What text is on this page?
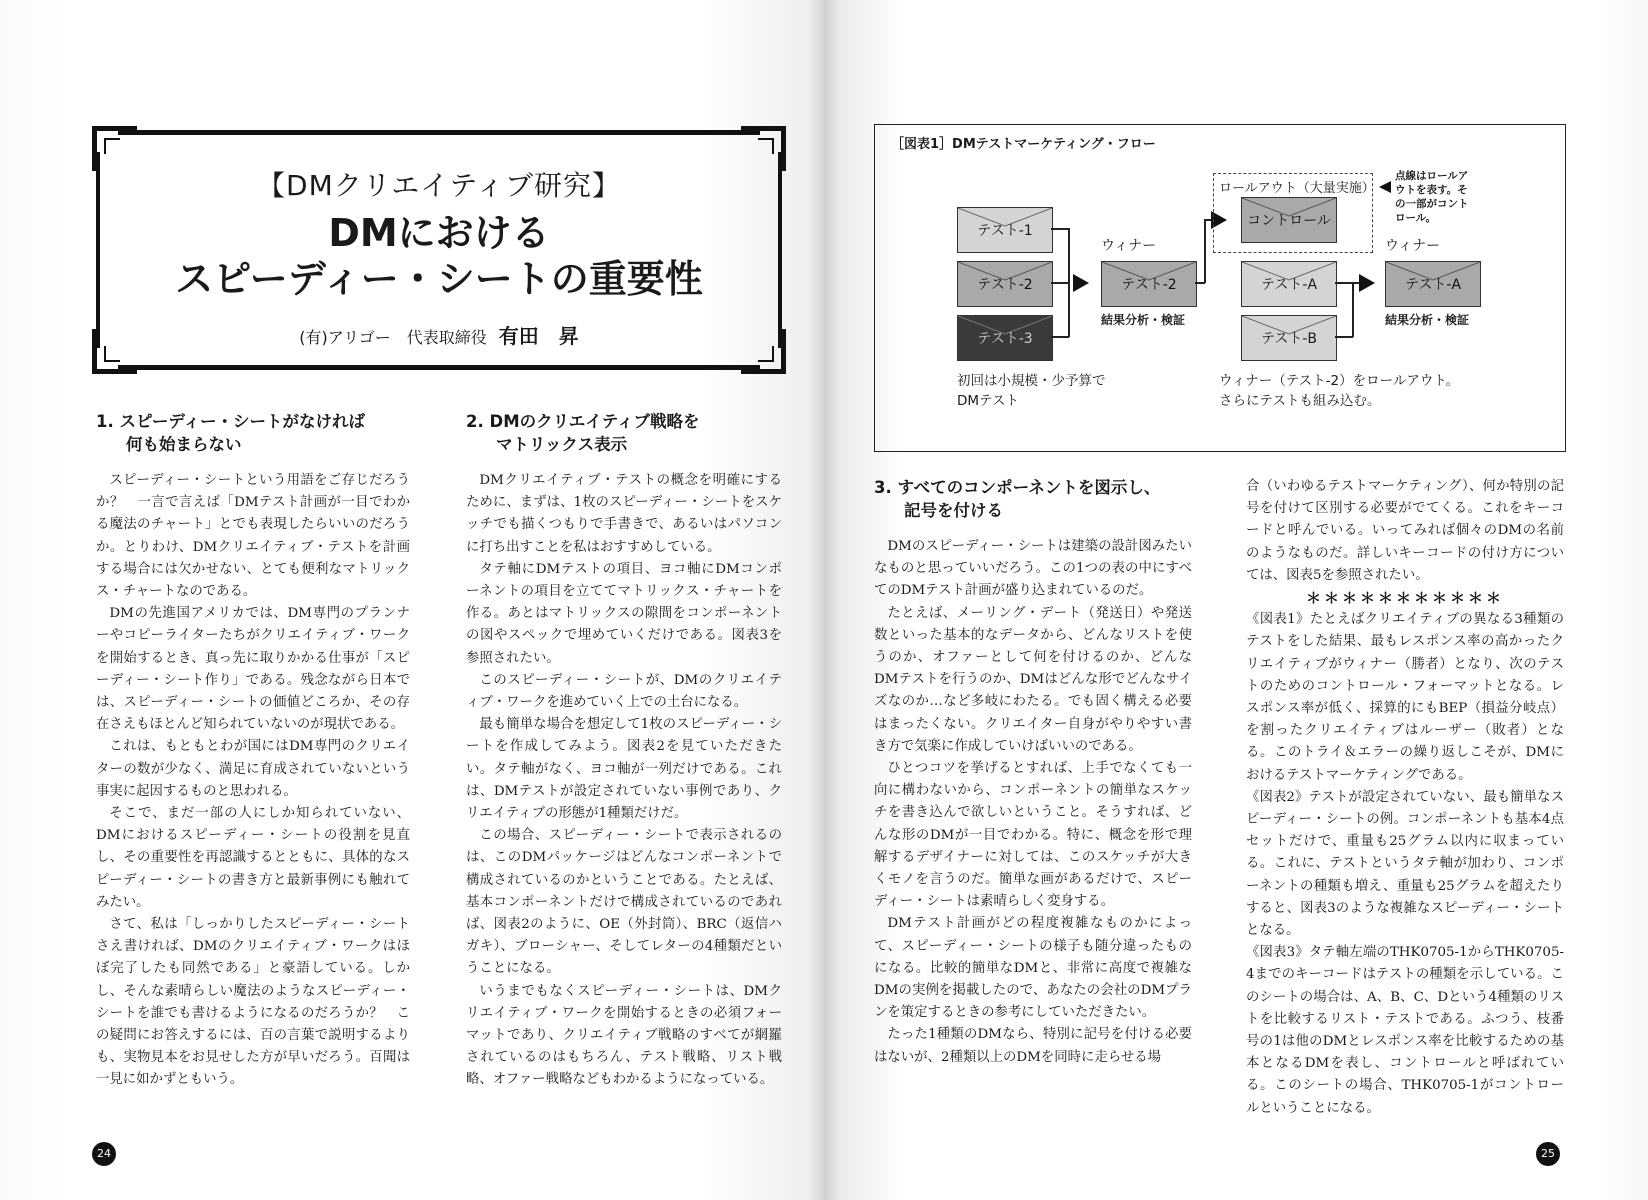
【DMクリエイティブ研究】
DMにおける
スピーディー・シートの重要性
(有)アリゴー　代表取締役 有田　昇
1. スピーディー・シートがなければ
何も始まらない

スピーディー・シートという用語をご存じだろうか？　一言で言えば「DMテスト計画が一目でわかる魔法のチャート」とでも表現したらいいのだろうか。とりわけ、DMクリエイティブ・テストを計画する場合には欠かせない、とても便利なマトリックス・チャートなのである。

DMの先進国アメリカでは、DM専門のプランナーやコピーライターたちがクリエイティブ・ワークを開始するとき、真っ先に取りかかる仕事が「スピーディー・シート作り」である。残念ながら日本では、スピーディー・シートの価値どころか、その存在さえもほとんど知られていないのが現状である。

これは、もともとわが国にはDM専門のクリエイターの数が少なく、満足に育成されていないという事実に起因するものと思われる。

そこで、まだ一部の人にしか知られていない、DMにおけるスピーディー・シートの役割を見直し、その重要性を再認識するとともに、具体的なスピーディー・シートの書き方と最新事例にも触れてみたい。

さて、私は「しっかりしたスピーディー・シートさえ書ければ、DMのクリエイティブ・ワークはほぼ完了したも同然である」と豪語している。しかし、そんな素晴らしい魔法のようなスピーディー・シートを誰でも書けるようになるのだろうか？　この疑問にお答えするには、百の言葉で説明するよりも、実物見本をお見せした方が早いだろう。百聞は一見に如かずともいう。

2. DMのクリエイティブ戦略を
マトリックス表示

DMクリエイティブ・テストの概念を明確にするために、まずは、1枚のスピーディー・シートをスケッチでも描くつもりで手書きで、あるいはパソコンに打ち出すことを私はおすすめしている。

タテ軸にDMテストの項目、ヨコ軸にDMコンポーネントの項目を立ててマトリックス・チャートを作る。あとはマトリックスの隙間をコンポーネントの図やスペックで埋めていくだけである。図表3を参照されたい。

このスピーディー・シートが、DMのクリエイティブ・ワークを進めていく上での土台になる。

最も簡単な場合を想定して1枚のスピーディー・シートを作成してみよう。図表2を見ていただきたい。タテ軸がなく、ヨコ軸が一列だけである。これは、DMテストが設定されていない事例であり、クリエイティブの形態が1種類だけだ。

この場合、スピーディー・シートで表示されるのは、このDMパッケージはどんなコンポーネントで構成されているのかということである。たとえば、基本コンポーネントだけで構成されているのであれば、図表2のように、OE（外封筒）、BRC（返信ハガキ）、ブローシャー、そしてレターの4種類だということになる。

いうまでもなくスピーディー・シートは、DMクリエイティブ・ワークを開始するときの必須フォーマットであり、クリエイティブ戦略のすべてが網羅されているのはもちろん、テスト戦略、リスト戦略、オファー戦略などもわかるようになっている。

24
［図表1］DMテストマーケティング・フロー
テスト-1
テスト-2
テスト-3
ウィナー
テスト-2
結果分析・検証
ロールアウト（大量実施）
コントロール
点線はロールアウトを表す。その一部がコントロール。
テスト-A
テスト-B
ウィナー
テスト-A
結果分析・検証
初回は小規模・少予算で
DMテスト
ウィナー（テスト-2）をロールアウト。
さらにテストも組み込む。
3. すべてのコンポーネントを図示し、
記号を付ける

DMのスピーディー・シートは建築の設計図みたいなものと思っていいだろう。この1つの表の中にすべてのDMテスト計画が盛り込まれているのだ。

たとえば、メーリング・デート（発送日）や発送数といった基本的なデータから、どんなリストを使うのか、オファーとして何を付けるのか、どんなDMテストを行うのか、DMはどんな形でどんなサイズなのか…など多岐にわたる。でも固く構える必要はまったくない。クリエイター自身がやりやすい書き方で気楽に作成していけばいいのである。

ひとつコツを挙げるとすれば、上手でなくても一向に構わないから、コンポーネントの簡単なスケッチを書き込んで欲しいということ。そうすれば、どんな形のDMが一目でわかる。特に、概念を形で理解するデザイナーに対しては、このスケッチが大きくモノを言うのだ。簡単な画があるだけで、スピーディー・シートは素晴らしく変身する。

DMテスト計画がどの程度複雑なものかによって、スピーディー・シートの様子も随分違ったものになる。比較的簡単なDMと、非常に高度で複雑なDMの実例を掲載したので、あなたの会社のDMプランを策定するときの参考にしていただきたい。

たった1種類のDMなら、特別に記号を付ける必要はないが、2種類以上のDMを同時に走らせる場

合（いわゆるテストマーケティング）、何か特別の記号を付けて区別する必要がでてくる。これをキーコードと呼んでいる。いってみれば個々のDMの名前のようなものだ。詳しいキーコードの付け方については、図表5を参照されたい。

＊＊＊＊＊＊＊＊＊＊＊

《図表1》たとえばクリエイティブの異なる3種類のテストをした結果、最もレスポンス率の高かったクリエイティブがウィナー（勝者）となり、次のテストのためのコントロール・フォーマットとなる。レスポンス率が低く、採算的にもBEP（損益分岐点）を割ったクリエイティブはルーザー（敗者）となる。このトライ＆エラーの繰り返しこそが、DMにおけるテストマーケティングである。

《図表2》テストが設定されていない、最も簡単なスピーディー・シートの例。コンポーネントも基本4点セットだけで、重量も25グラム以内に収まっている。これに、テストというタテ軸が加わり、コンポーネントの種類も増え、重量も25グラムを超えたりすると、図表3のような複雑なスピーディー・シートとなる。

《図表3》タテ軸左端のTHK0705-1からTHK0705-4までのキーコードはテストの種類を示している。このシートの場合は、A、B、C、Dという4種類のリストを比較するリスト・テストである。ふつう、枝番号の1は他のDMとレスポンス率を比較するための基本となるDMを表し、コントロールと呼ばれている。このシートの場合、THK0705-1がコントロールということになる。

25
